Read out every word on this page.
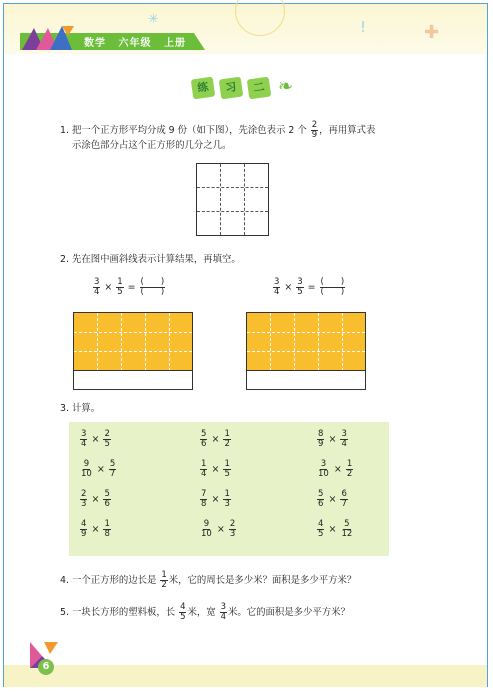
✳	!	✚
数学 六年级 上册
练	习	二 ❧
1. 把一个正方形平均分成 9 份（如下图），先涂色表示 2 个 $\frac{2}{9}$ ，再用算式表
示涂色部分占这个正方形的几分之几。
2. 先在图中画斜线表示计算结果，再填空。
$\frac{3}{4} \times \frac{1}{5} = \frac{( )}{( )}$	$\frac{3}{4} \times \frac{3}{5} = \frac{( )}{( )}$
3. 计算。
$\frac{3}{4} \times \frac{2}{5}$	$\frac{5}{6} \times \frac{1}{2}$	$\frac{8}{9} \times \frac{3}{4}$
$\frac{9}{10} \times \frac{5}{7}$	$\frac{1}{4} \times \frac{1}{5}$	$\frac{3}{10} \times \frac{1}{2}$
$\frac{2}{3} \times \frac{5}{6}$	$\frac{7}{8} \times \frac{1}{3}$	$\frac{5}{6} \times \frac{6}{7}$
$\frac{4}{9} \times \frac{1}{8}$	$\frac{9}{10} \times \frac{2}{3}$	$\frac{4}{5} \times \frac{5}{12}$
4. 一个正方形的边长是 $\frac{1}{2}$ 米，它的周长是多少米？面积是多少平方米？
5. 一块长方形的塑料板，长 $\frac{4}{5}$ 米，宽 $\frac{3}{4}$ 米。它的面积是多少平方米？
6
